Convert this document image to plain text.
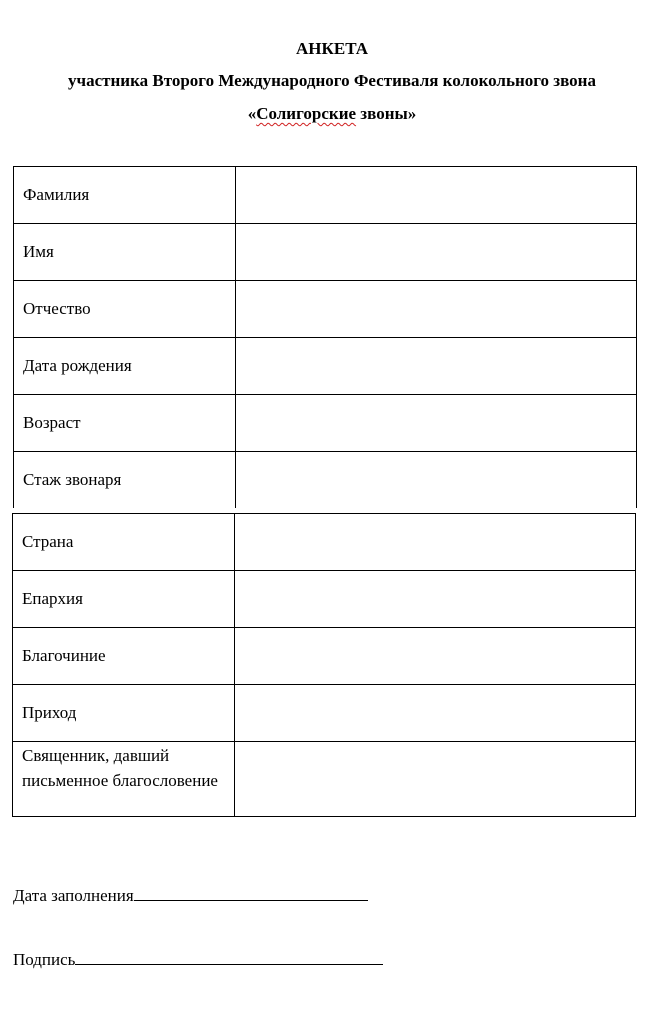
АНКЕТА
участника Второго Международного Фестиваля колокольного звона
«Солигорские звоны»
Фамилия	
Имя	
Отчество	
Дата рождения	
Возраст	
Стаж звонаря	
Страна	
Епархия	
Благочиние	
Приход	
Священник, давший письменное благословение	
Дата заполнения
Подпись
